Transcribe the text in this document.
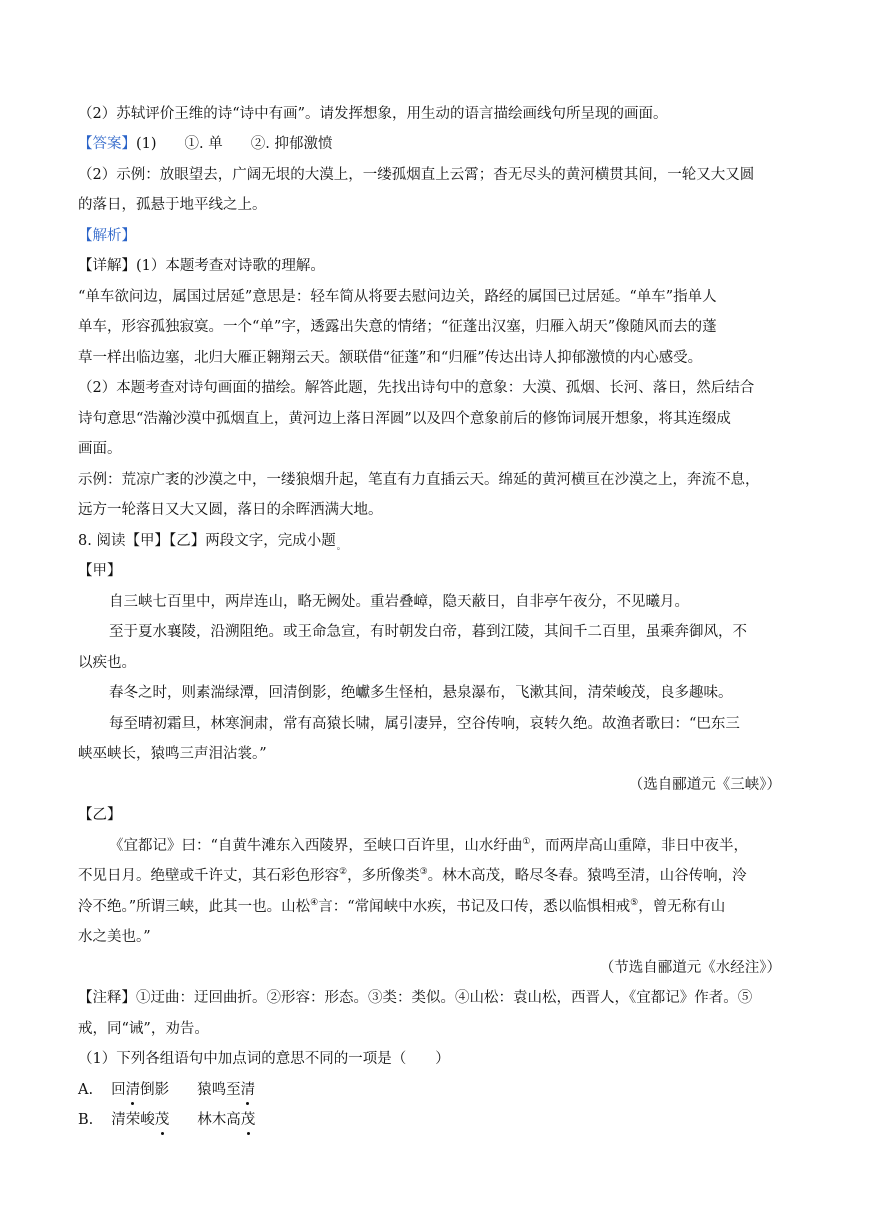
（2）苏轼评价王维的诗“诗中有画”。请发挥想象，用生动的语言描绘画线句所呈现的画面。
【答案】(1) ①. 单 ②. 抑郁激愤
（2）示例：放眼望去，广阔无垠的大漠上，一缕孤烟直上云霄；杳无尽头的黄河横贯其间，一轮又大又圆
的落日，孤悬于地平线之上。
【解析】
【详解】(1）本题考查对诗歌的理解。
“单车欲问边，属国过居延”意思是：轻车简从将要去慰问边关，路经的属国已过居延。“单车”指单人
单车，形容孤独寂寞。一个“单”字，透露出失意的情绪；“征蓬出汉塞，归雁入胡天”像随风而去的蓬
草一样出临边塞，北归大雁正翱翔云天。颔联借“征蓬”和“归雁”传达出诗人抑郁激愤的内心感受。
（2）本题考查对诗句画面的描绘。解答此题，先找出诗句中的意象：大漠、孤烟、长河、落日，然后结合
诗句意思“浩瀚沙漠中孤烟直上，黄河边上落日浑圆”以及四个意象前后的修饰词展开想象，将其连缀成
画面。
示例：荒凉广袤的沙漠之中，一缕狼烟升起，笔直有力直插云天。绵延的黄河横亘在沙漠之上，奔流不息，
远方一轮落日又大又圆，落日的余晖洒满大地。
8. 阅读【甲】【乙】两段文字，完成小题$_。$
【甲】
自三峡七百里中，两岸连山，略无阙处。重岩叠嶂，隐天蔽日，自非亭午夜分，不见曦月。
至于夏水襄陵，沿溯阻绝。或王命急宣，有时朝发白帝，暮到江陵，其间千二百里，虽乘奔御风，不
以疾也。
春冬之时，则素湍绿潭，回清倒影，绝巘多生怪柏，悬泉瀑布，飞漱其间，清荣峻茂，良多趣味。
每至晴初霜旦，林寒涧肃，常有高猿长啸，属引凄异，空谷传响，哀转久绝。故渔者歌曰：“巴东三
峡巫峡长，猿鸣三声泪沾裳。”
（选自郦道元《三峡》）
【乙】
《宜都记》曰：“自黄牛滩东入西陵界，至峡口百许里，山水纡曲①，而两岸高山重障，非日中夜半，
不见日月。绝壁或千许丈，其石彩色形容②，多所像类③。林木高茂，略尽冬春。猿鸣至清，山谷传响，泠
泠不绝。”所谓三峡，此其一也。山松④言：“常闻峡中水疾，书记及口传，悉以临惧相戒⑤，曾无称有山
水之美也。”
（节选自郦道元《水经注》）
【注释】①迂曲：迂回曲折。②形容：形态。③类：类似。④山松：袁山松，西晋人，《宜都记》作者。⑤
戒，同“诫”，劝告。
（1）下列各组语句中加点词的意思不同的一项是（　　）
A. 回清倒影 猿鸣至清
B. 清荣峻茂 林木高茂
